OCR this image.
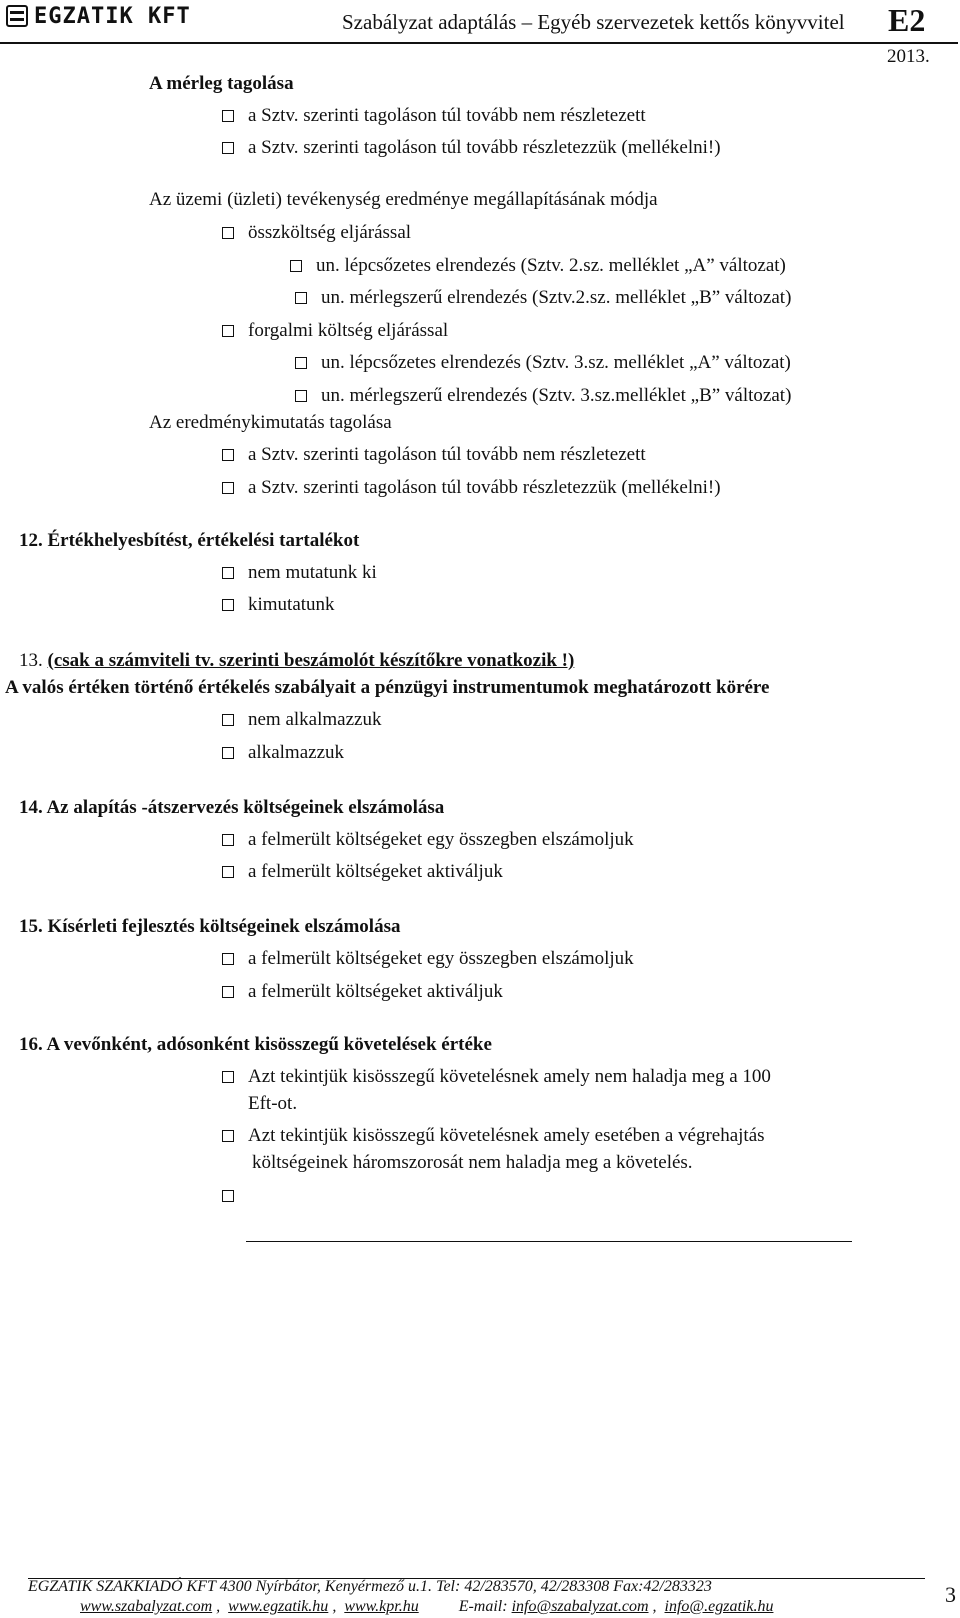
EGZATIK KFT	Szabályzat adaptálás – Egyéb szervezetek kettős könyvvitel E2
2013.
A mérleg tagolása
a Sztv. szerinti tagoláson túl tovább nem részletezett
a Sztv. szerinti tagoláson túl tovább részletezzük (mellékelni!)
Az üzemi (üzleti) tevékenység eredménye megállapításának módja
összköltség eljárással
un. lépcsőzetes elrendezés (Sztv. 2.sz. melléklet „A” változat)
un. mérlegszerű elrendezés (Sztv.2.sz. melléklet „B” változat)
forgalmi költség eljárással
un. lépcsőzetes elrendezés (Sztv. 3.sz. melléklet „A” változat)
un. mérlegszerű elrendezés (Sztv. 3.sz.melléklet „B” változat)
Az eredménykimutatás tagolása
a Sztv. szerinti tagoláson túl tovább nem részletezett
a Sztv. szerinti tagoláson túl tovább részletezzük (mellékelni!)
12. Értékhelyesbítést, értékelési tartalékot
nem mutatunk ki
kimutatunk
13. (csak a számviteli tv. szerinti beszámolót készítőkre vonatkozik !)
A valós értéken történő értékelés szabályait a pénzügyi instrumentumok meghatározott körére
nem alkalmazzuk
alkalmazzuk
14. Az alapítás -átszervezés költségeinek elszámolása
a felmerült költségeket egy összegben elszámoljuk
a felmerült költségeket aktiváljuk
15. Kísérleti fejlesztés költségeinek elszámolása
a felmerült költségeket egy összegben elszámoljuk
a felmerült költségeket aktiváljuk
16. A vevőnként, adósonként kisösszegű követelések értéke
Azt tekintjük kisösszegű követelésnek amely nem haladja meg a 100
Eft-ot.
Azt tekintjük kisösszegű követelésnek amely esetében a végrehajtás
költségeinek háromszorosát nem haladja meg a követelés.
EGZATIK SZAKKIADÓ KFT 4300 Nyírbátor, Kenyérmező u.1. Tel: 42/283570, 42/283308 Fax:42/283323
www.szabalyzat.com ,  www.egzatik.hu ,  www.kpr.hu	E-mail: info@szabalyzat.com ,  info@.egzatik.hu	3
